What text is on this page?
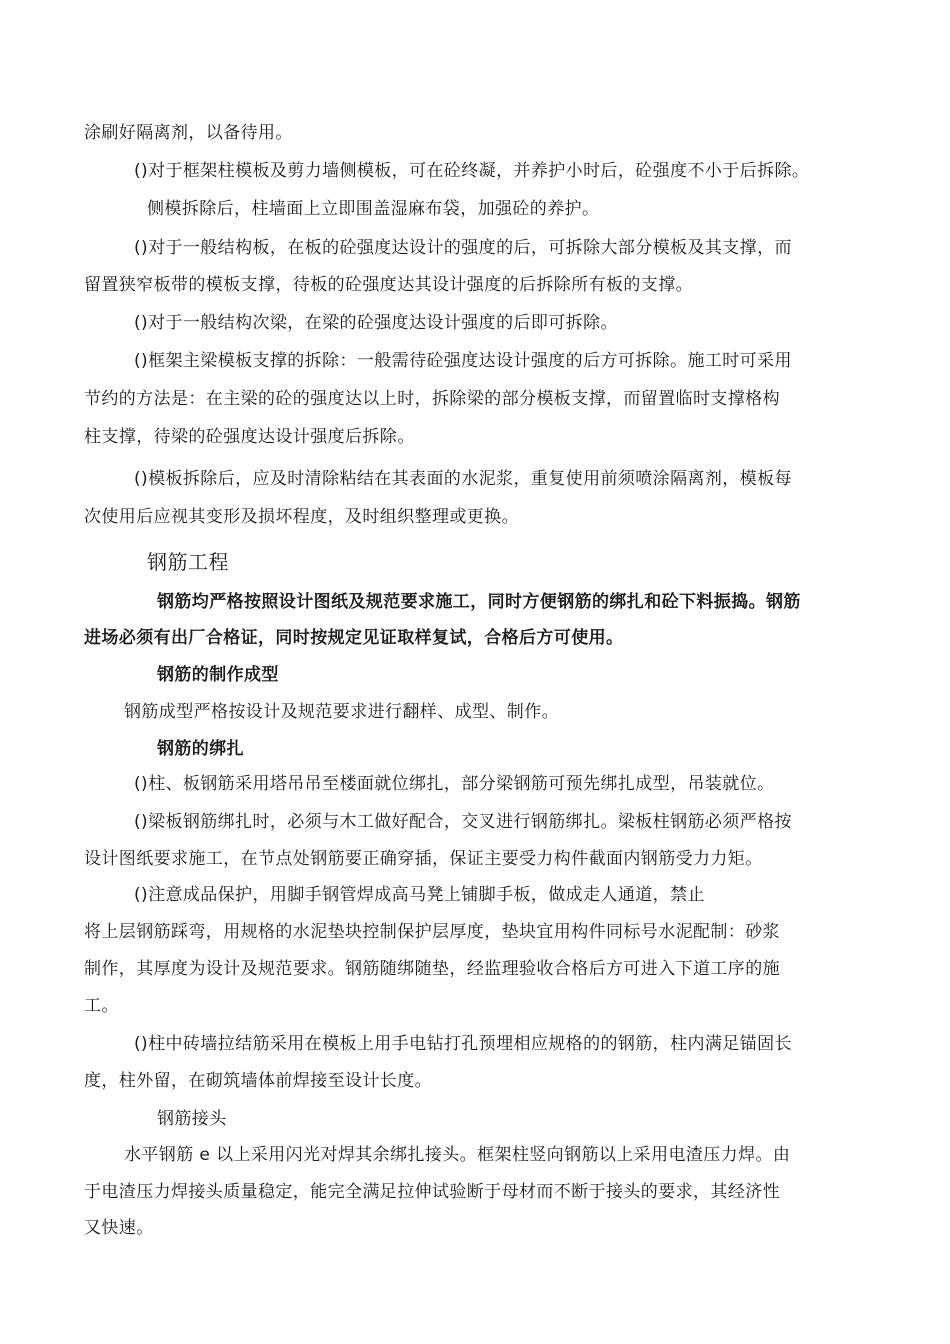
涂刷好隔离剂，以备待用。
()对于框架柱模板及剪力墙侧模板，可在砼终凝，并养护小时后，砼强度不小于后拆除。
侧模拆除后，柱墙面上立即围盖湿麻布袋，加强砼的养护。
()对于一般结构板，在板的砼强度达设计的强度的后，可拆除大部分模板及其支撑，而
留置狭窄板带的模板支撑，待板的砼强度达其设计强度的后拆除所有板的支撑。
()对于一般结构次梁，在梁的砼强度达设计强度的后即可拆除。
()框架主梁模板支撑的拆除：一般需待砼强度达设计强度的后方可拆除。施工时可采用
节约的方法是：在主梁的砼的强度达以上时，拆除梁的部分模板支撑，而留置临时支撑格构
柱支撑，待梁的砼强度达设计强度后拆除。
()模板拆除后，应及时清除粘结在其表面的水泥浆，重复使用前须喷涂隔离剂，模板每
次使用后应视其变形及损坏程度，及时组织整理或更换。
钢筋工程
钢筋均严格按照设计图纸及规范要求施工，同时方便钢筋的绑扎和砼下料振捣。钢筋
进场必须有出厂合格证，同时按规定见证取样复试，合格后方可使用。
钢筋的制作成型
钢筋成型严格按设计及规范要求进行翻样、成型、制作。
钢筋的绑扎
()柱、板钢筋采用塔吊吊至楼面就位绑扎，部分梁钢筋可预先绑扎成型，吊装就位。
()梁板钢筋绑扎时，必须与木工做好配合，交叉进行钢筋绑扎。梁板柱钢筋必须严格按
设计图纸要求施工，在节点处钢筋要正确穿插，保证主要受力构件截面内钢筋受力力矩。
()注意成品保护，用脚手钢管焊成高马凳上铺脚手板，做成走人通道，禁止
将上层钢筋踩弯，用规格的水泥垫块控制保护层厚度，垫块宜用构件同标号水泥配制：砂浆
制作，其厚度为设计及规范要求。钢筋随绑随垫，经监理验收合格后方可进入下道工序的施
工。
()柱中砖墙拉结筋采用在模板上用手电钻打孔预埋相应规格的的钢筋，柱内满足锚固长
度，柱外留，在砌筑墙体前焊接至设计长度。
钢筋接头
水平钢筋 e 以上采用闪光对焊其余绑扎接头。框架柱竖向钢筋以上采用电渣压力焊。由
于电渣压力焊接头质量稳定，能完全满足拉伸试验断于母材而不断于接头的要求，其经济性
又快速。
